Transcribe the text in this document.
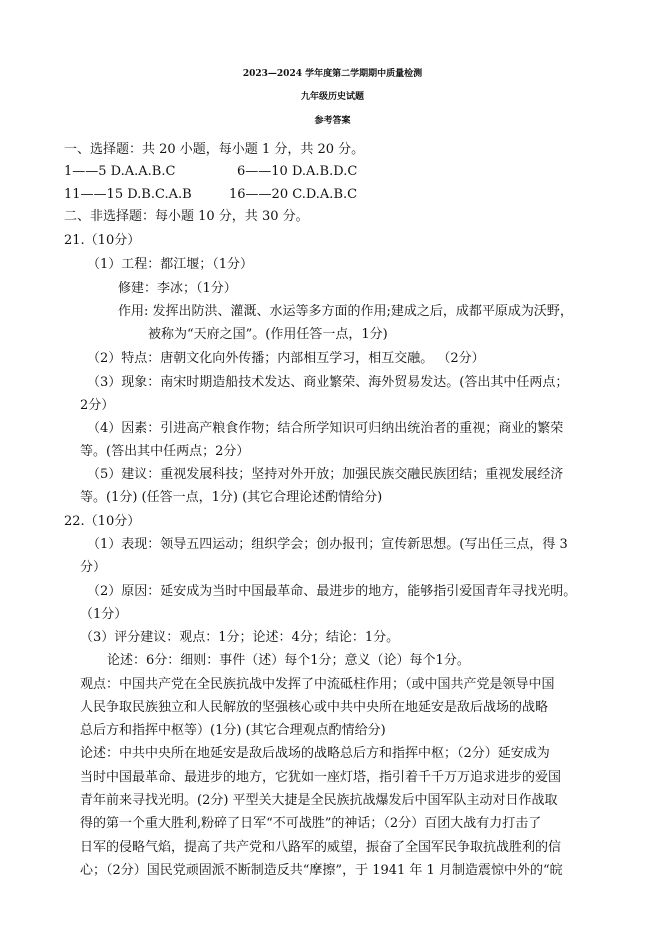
2023—2024 学年度第二学期期中质量检测
九年级历史试题
参考答案
一、选择题：共 20 小题，每小题 1 分，共 20 分。
1——5 D.A.A.B.C	6——10 D.A.B.D.C
11——15 D.B.C.A.B	16——20 C.D.A.B.C
二、非选择题：每小题 10 分，共 30 分。
21.（10分）
（1）工程：都江堰；（1分）
修建：李冰；（1分）
作用: 发挥出防洪、灌溉、水运等多方面的作用;建成之后，成都平原成为沃野，
被称为“天府之国”。(作用任答一点，1分)
（2）特点：唐朝文化向外传播；内部相互学习，相互交融。 （2分）
（3）现象：南宋时期造船技术发达、商业繁荣、海外贸易发达。(答出其中任两点；
2分）
（4）因素：引进高产粮食作物；结合所学知识可归纳出统治者的重视；商业的繁荣
等。(答出其中任两点；2分）
（5）建议：重视发展科技；坚持对外开放；加强民族交融民族团结；重视发展经济
等。(1分) (任答一点，1分) (其它合理论述酌情给分)
22.（10分）
（1）表现：领导五四运动；组织学会；创办报刊；宣传新思想。(写出任三点，得 3
分）
（2）原因：延安成为当时中国最革命、最进步的地方，能够指引爱国青年寻找光明。
（1分）
（3）评分建议：观点：1分；论述：4分；结论：1分。
论述：6分：细则：事件（述）每个1分；意义（论）每个1分。
观点：中国共产党在全民族抗战中发挥了中流砥柱作用；（或中国共产党是领导中国
人民争取民族独立和人民解放的坚强核心或中共中央所在地延安是敌后战场的战略
总后方和指挥中枢等）(1分) (其它合理观点酌情给分)
论述：中共中央所在地延安是敌后战场的战略总后方和指挥中枢；（2分）延安成为
当时中国最革命、最进步的地方，它犹如一座灯塔，指引着千千万万追求进步的爱国
青年前来寻找光明。(2分) 平型关大捷是全民族抗战爆发后中国军队主动对日作战取
得的第一个重大胜利,粉碎了日军“不可战胜”的神话；（2分）百团大战有力打击了
日军的侵略气焰，提高了共产党和八路军的威望，振奋了全国军民争取抗战胜利的信
心；（2分）国民党顽固派不断制造反共“摩擦”，于 1941 年 1 月制造震惊中外的“皖
